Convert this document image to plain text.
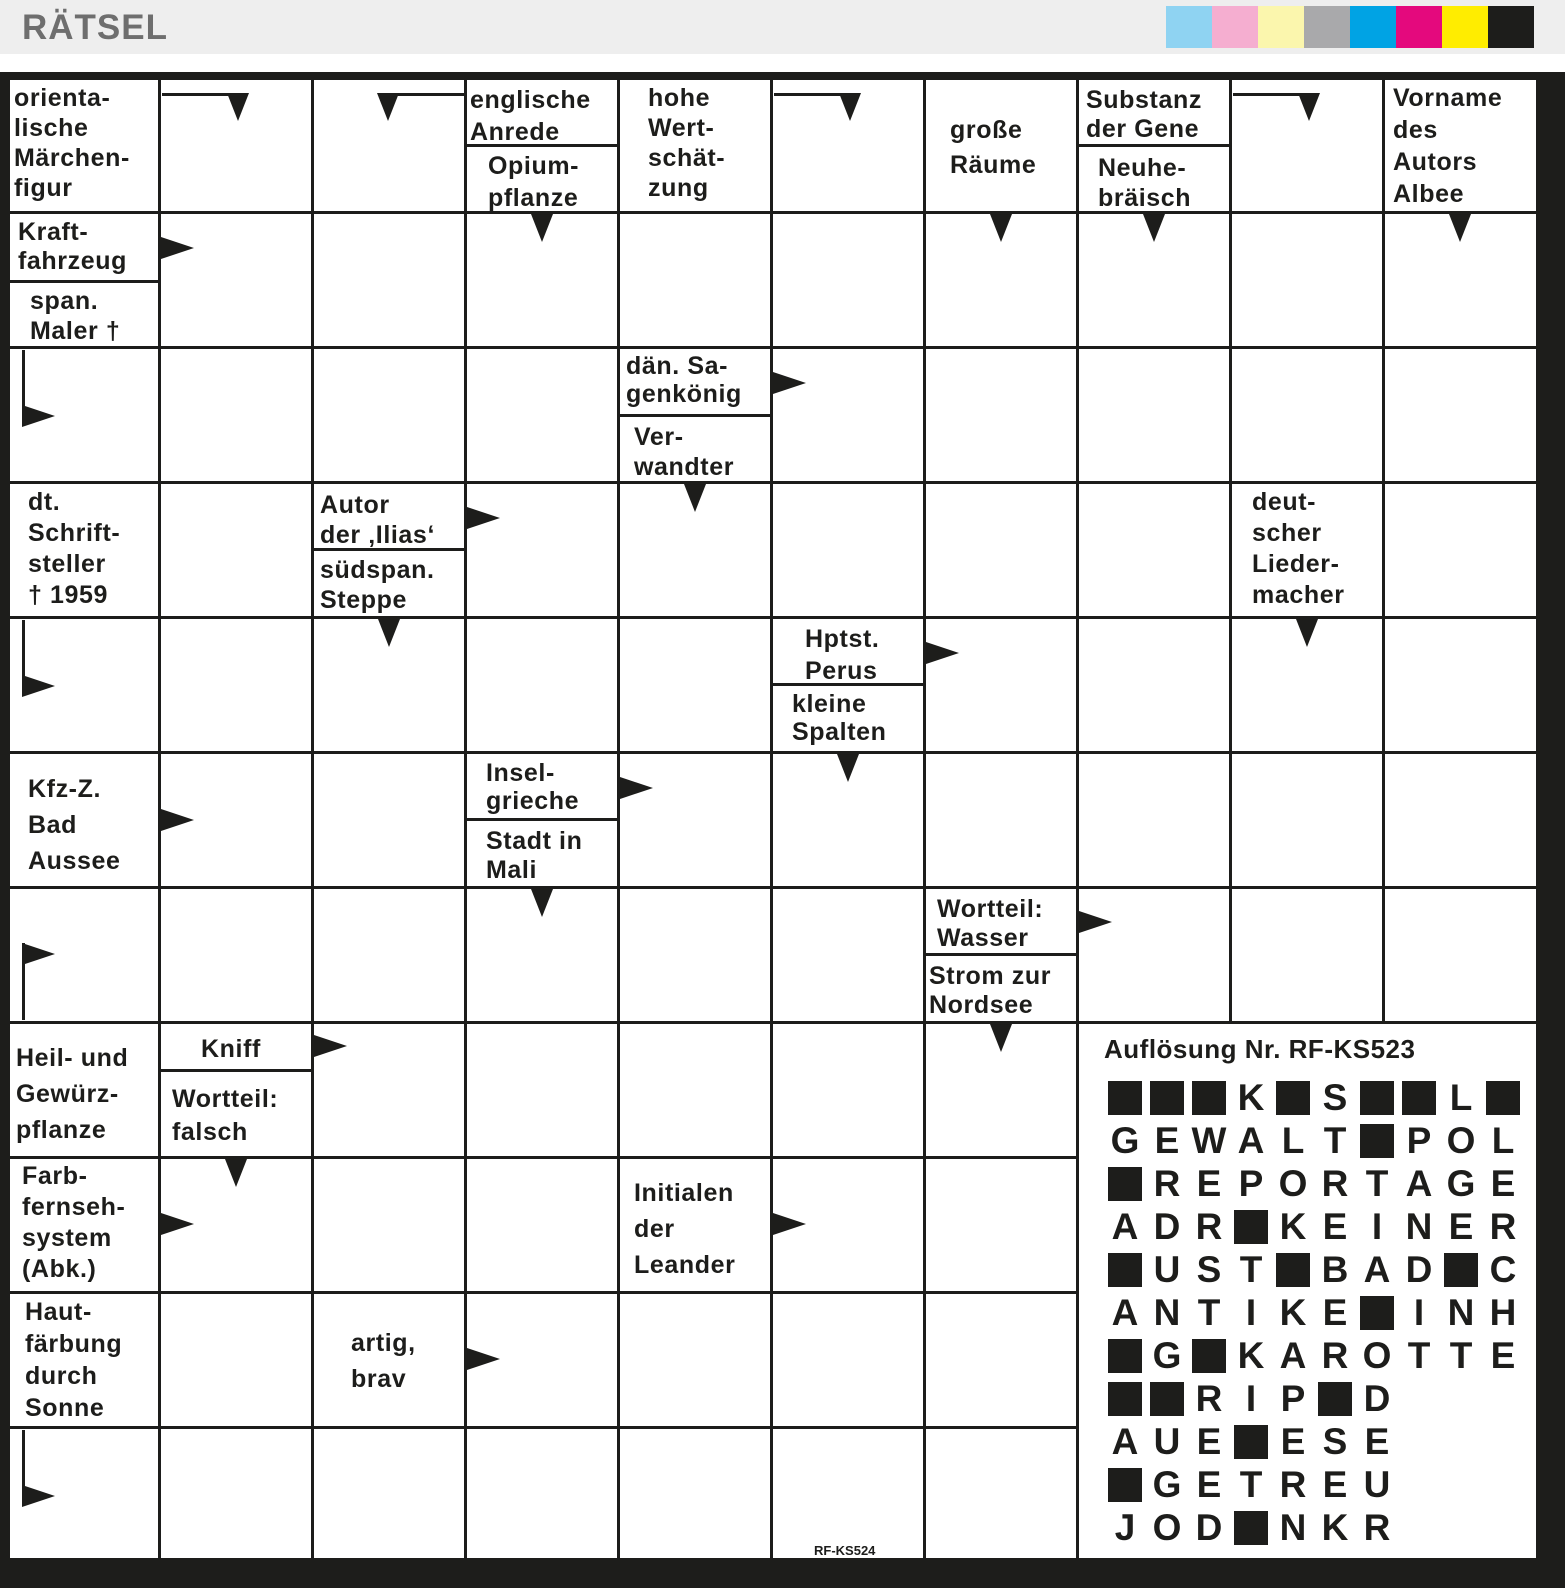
RÄTSEL
orienta-
lische
Märchen-
figur
englische
Anrede
Opium-
pflanze
hohe
Wert-
schät-
zung
große
Räume
Substanz
der Gene
Neuhe-
bräisch
Vorname
des
Autors
Albee
Kraft-
fahrzeug
span.
Maler †
dän. Sa-
genkönig
Ver-
wandter
dt.
Schrift-
steller
† 1959
Autor
der ‚Ilias‘
südspan.
Steppe
deut-
scher
Lieder-
macher
Hptst.
Perus
kleine
Spalten
Kfz-Z.
Bad
Aussee
Insel-
grieche
Stadt in
Mali
Wortteil:
Wasser
Strom zur
Nordsee
Heil- und
Gewürz-
pflanze
Kniff
Wortteil:
falsch
Farb-
fernseh-
system
(Abk.)
Initialen
der
Leander
Haut-
färbung
durch
Sonne
artig,
brav
Auflösung Nr. RF-KS523
K S	L
G E W A L T P O L
R E P O R T A G E
A D R K E I N E R
U S T B A D C
A N T I K E	I N H
G K A R O T T E
R I P D
A U E E S E
G E T R E U
J O D N K R
RF-KS524
